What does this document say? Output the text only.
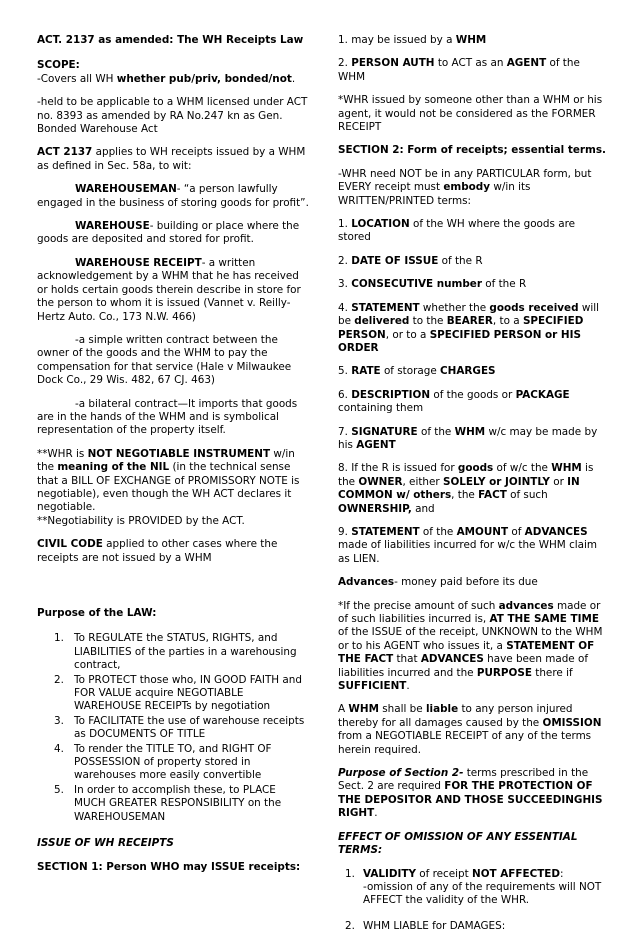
ACT. 2137 as amended: The WH Receipts Law

SCOPE:
-Covers all WH whether pub/priv, bonded/not.

-held to be applicable to a WHM licensed under ACT no. 8393 as amended by RA No.247 kn as Gen. Bonded Warehouse Act

ACT 2137 applies to WH receipts issued by a WHM as defined in Sec. 58a, to wit:

WAREHOUSEMAN- “a person lawfully engaged in the business of storing goods for profit”.

WAREHOUSE- building or place where the goods are deposited and stored for profit.

WAREHOUSE RECEIPT- a written acknowledgement by a WHM that he has received or holds certain goods therein describe in store for the person to whom it is issued (Vannet v. Reilly-Hertz Auto. Co., 173 N.W. 466)

-a simple written contract between the owner of the goods and the WHM to pay the compensation for that service (Hale v Milwaukee Dock Co., 29 Wis. 482, 67 CJ. 463)

-a bilateral contract—It imports that goods are in the hands of the WHM and is symbolical representation of the property itself.

**WHR is NOT NEGOTIABLE INSTRUMENT w/in the meaning of the NIL (in the technical sense that a BILL OF EXCHANGE of PROMISSORY NOTE is negotiable), even though the WH ACT declares it negotiable.
**Negotiability is PROVIDED by the ACT.

CIVIL CODE applied to other cases where the receipts are not issued by a WHM

Purpose of the LAW:

1. To REGULATE the STATUS, RIGHTS, and LIABILITIES of the parties in a warehousing contract,
2. To PROTECT those who, IN GOOD FAITH and FOR VALUE acquire NEGOTIABLE WAREHOUSE RECEIPTs by negotiation
3. To FACILITATE the use of warehouse receipts as DOCUMENTS OF TITLE
4. To render the TITLE TO, and RIGHT OF POSSESSION of property stored in warehouses more easily convertible
5. In order to accomplish these, to PLACE MUCH GREATER RESPONSIBILITY on the WAREHOUSEMAN

ISSUE OF WH RECEIPTS

SECTION 1: Person WHO may ISSUE receipts:

1. may be issued by a WHM

2. PERSON AUTH to ACT as an AGENT of the WHM

*WHR issued by someone other than a WHM or his agent, it would not be considered as the FORMER RECEIPT

SECTION 2: Form of receipts; essential terms.

-WHR need NOT be in any PARTICULAR form, but EVERY receipt must embody w/in its WRITTEN/PRINTED terms:

1. LOCATION of the WH where the goods are stored

2. DATE OF ISSUE of the R

3. CONSECUTIVE number of the R

4. STATEMENT whether the goods received will be delivered to the BEARER, to a SPECIFIED PERSON, or to a SPECIFIED PERSON or HIS ORDER

5. RATE of storage CHARGES

6. DESCRIPTION of the goods or PACKAGE containing them

7. SIGNATURE of the WHM w/c may be made by his AGENT

8. If the R is issued for goods of w/c the WHM is the OWNER, either SOLELY or JOINTLY or IN COMMON w/ others, the FACT of such OWNERSHIP, and

9. STATEMENT of the AMOUNT of ADVANCES made of liabilities incurred for w/c the WHM claim as LIEN.

Advances- money paid before its due

*If the precise amount of such advances made or of such liabilities incurred is, AT THE SAME TIME of the ISSUE of the receipt, UNKNOWN to the WHM or to his AGENT who issues it, a STATEMENT OF THE FACT that ADVANCES have been made of liabilities incurred and the PURPOSE there if SUFFICIENT.

A WHM shall be liable to any person injured thereby for all damages caused by the OMISSION from a NEGOTIABLE RECEIPT of any of the terms herein required.

Purpose of Section 2- terms prescribed in the Sect. 2 are required FOR THE PROTECTION OF THE DEPOSITOR AND THOSE SUCCEEDINGHIS RIGHT.

EFFECT OF OMISSION OF ANY ESSENTIAL TERMS:

1. VALIDITY of receipt NOT AFFECTED:
-omission of any of the requirements will NOT AFFECT the validity of the WHR.
2. WHM LIABLE for DAMAGES:
